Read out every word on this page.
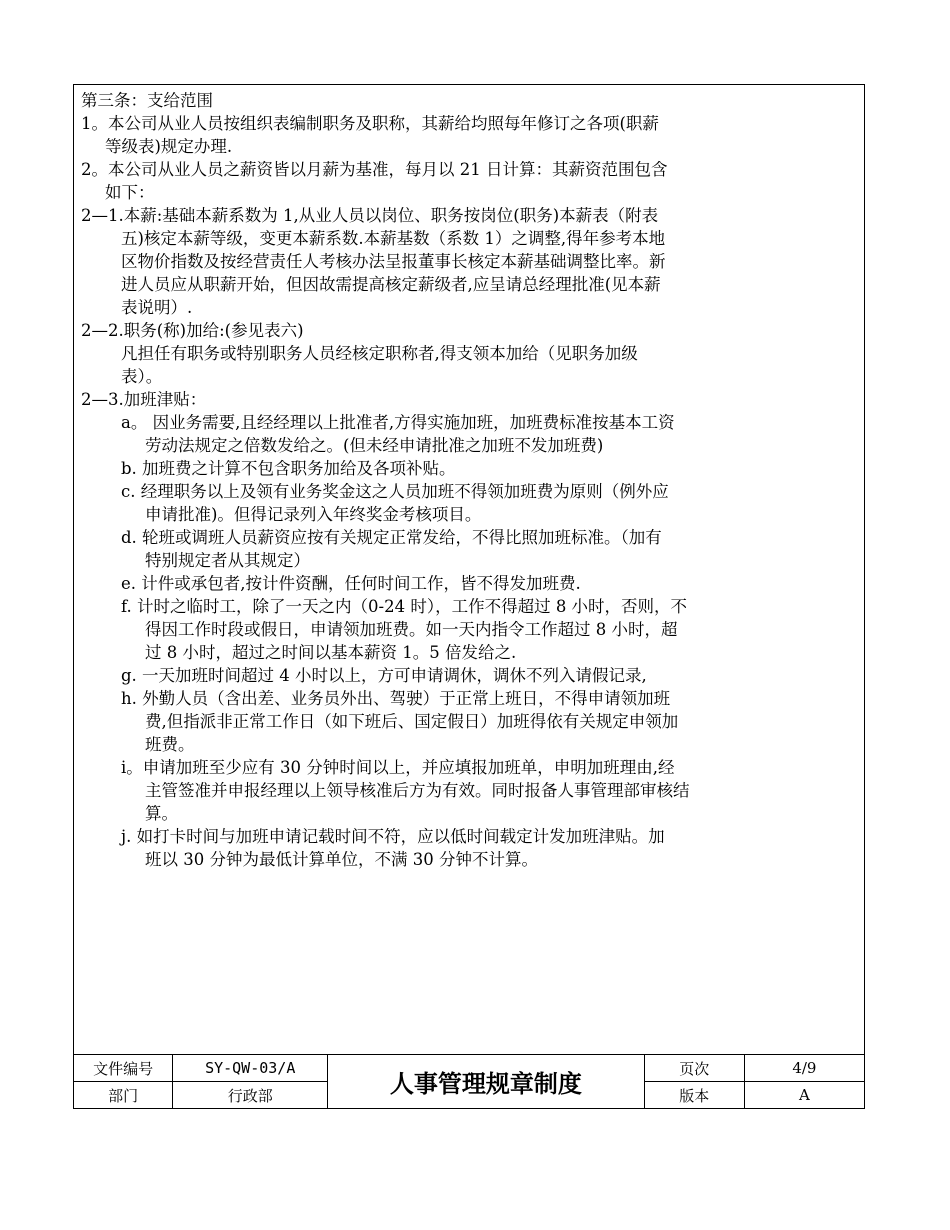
第三条：支给范围
1。本公司从业人员按组织表编制职务及职称，其薪给均照每年修订之各项(职薪
等级表)规定办理.
2。本公司从业人员之薪资皆以月薪为基准，每月以 21 日计算：其薪资范围包含
如下：
2—1.本薪:基础本薪系数为 1,从业人员以岗位、职务按岗位(职务)本薪表（附表
五)核定本薪等级，变更本薪系数.本薪基数（系数 1）之调整,得年参考本地
区物价指数及按经营责任人考核办法呈报董事长核定本薪基础调整比率。新
进人员应从职薪开始，但因故需提高核定薪级者,应呈请总经理批准(见本薪
表说明）.
2—2.职务(称)加给:(参见表六)
凡担任有职务或特别职务人员经核定职称者,得支领本加给（见职务加级
表）。
2—3.加班津贴：
a。 因业务需要,且经经理以上批准者,方得实施加班，加班费标准按基本工资
劳动法规定之倍数发给之。(但未经申请批准之加班不发加班费)
b. 加班费之计算不包含职务加给及各项补贴。
c. 经理职务以上及领有业务奖金这之人员加班不得领加班费为原则（例外应
申请批准)。但得记录列入年终奖金考核项目。
d. 轮班或调班人员薪资应按有关规定正常发给，不得比照加班标准。（加有
特别规定者从其规定）
e. 计件或承包者,按计件资酬，任何时间工作，皆不得发加班费.
f. 计时之临时工，除了一天之内（0-24 时），工作不得超过 8 小时，否则，不
得因工作时段或假日，申请领加班费。如一天内指令工作超过 8 小时，超
过 8 小时，超过之时间以基本薪资 1。5 倍发给之.
g. 一天加班时间超过 4 小时以上，方可申请调休，调休不列入请假记录,
h. 外勤人员（含出差、业务员外出、驾驶）于正常上班日，不得申请领加班
费,但指派非正常工作日（如下班后、国定假日）加班得依有关规定申领加
班费。
i。申请加班至少应有 30 分钟时间以上，并应填报加班单，申明加班理由,经
主管签准并申报经理以上领导核准后方为有效。同时报备人事管理部审核结
算。
j. 如打卡时间与加班申请记载时间不符，应以低时间载定计发加班津贴。加
班以 30 分钟为最低计算单位，不满 30 分钟不计算。
文件编号	SY-QW-03/A	人事管理规章制度	页次	4/9
部门	行政部		版本	A
